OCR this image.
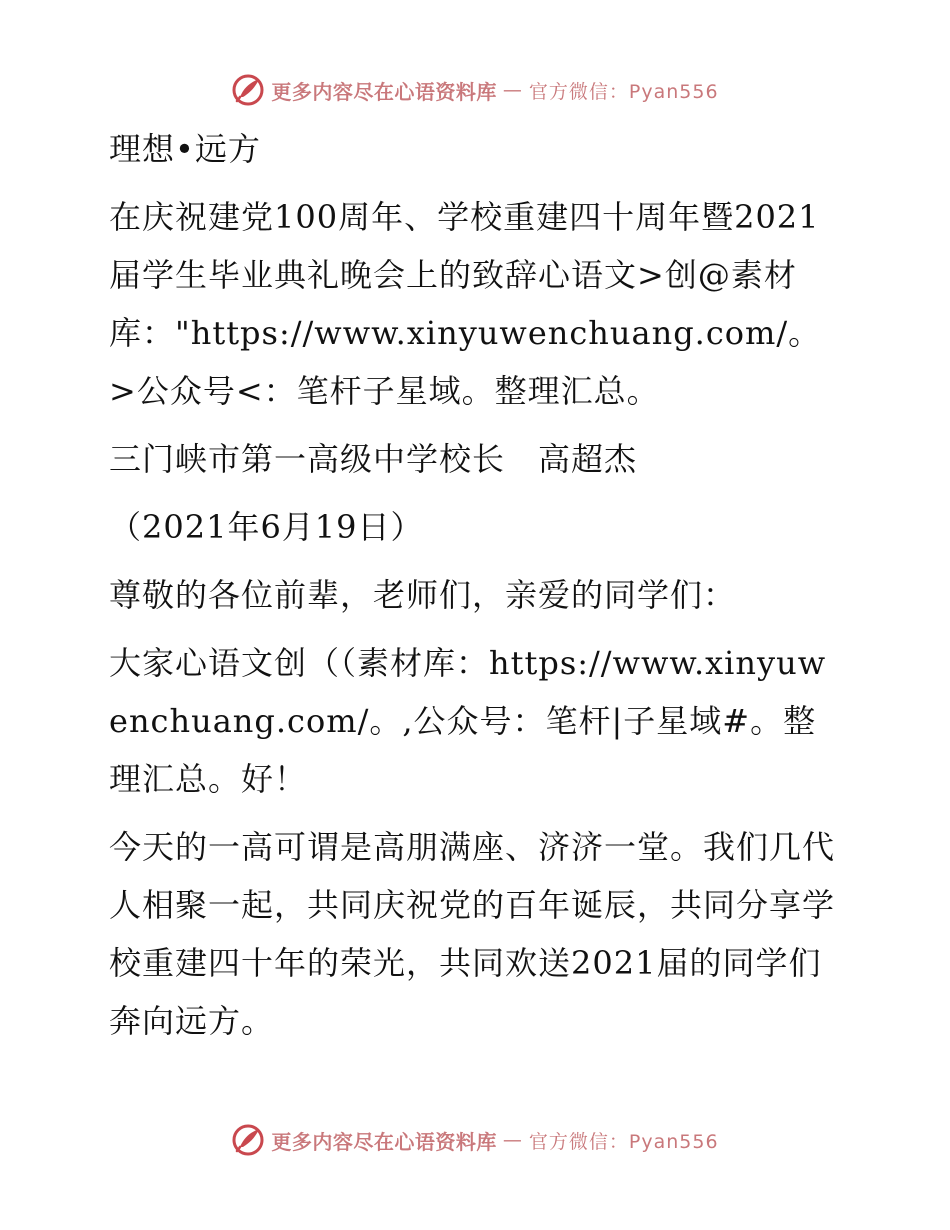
更多内容尽在心语资料库 — 官方微信：Pyan556

理想•远方

在庆祝建党100周年、学校重建四十周年暨2021届学生毕业典礼晚会上的致辞心语文>创@素材库："https://www.xinyuwenchuang.com/。>公众号<：笔杆子星域。整理汇总。

三门峡市第一高级中学校长　高超杰

（2021年6月19日）

尊敬的各位前辈，老师们，亲爱的同学们：

大家心语文创（（素材库：https://www.xinyuwenchuang.com/。,公众号：笔杆|子星域#。整理汇总。好！

今天的一高可谓是高朋满座、济济一堂。我们几代人相聚一起，共同庆祝党的百年诞辰，共同分享学校重建四十年的荣光，共同欢送2021届的同学们奔向远方。

更多内容尽在心语资料库 — 官方微信：Pyan556
